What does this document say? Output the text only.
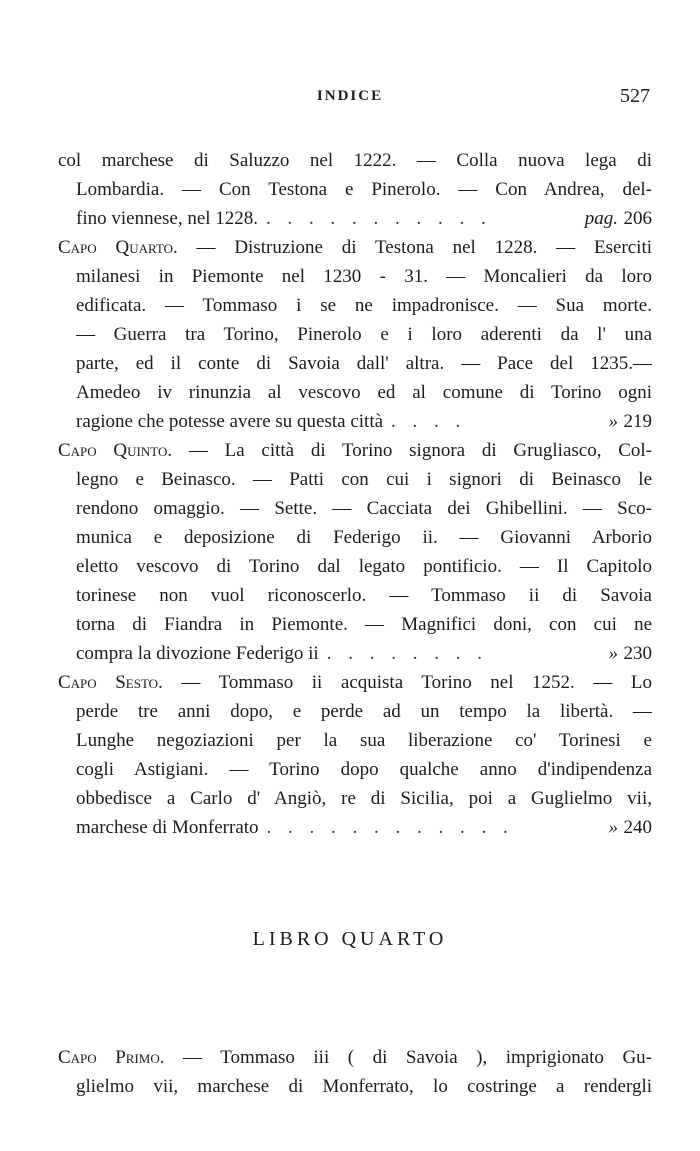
INDICE	527
col marchese di Saluzzo nel 1222. — Colla nuova lega di
Lombardia. — Con Testona e Pinerolo. — Con Andrea, del-
fino viennese, nel 1228. . . . . . . . . . . .	pag. 206
Capo Quarto. — Distruzione di Testona nel 1228. — Eserciti
milanesi in Piemonte nel 1230 - 31. — Moncalieri da loro
edificata. — Tommaso i se ne impadronisce. — Sua morte.
— Guerra tra Torino, Pinerolo e i loro aderenti da l' una
parte, ed il conte di Savoia dall' altra. — Pace del 1235.—
Amedeo iv rinunzia al vescovo ed al comune di Torino ogni
ragione che potesse avere su questa città . . . .	» 219
Capo Quinto. — La città di Torino signora di Grugliasco, Col-
legno e Beinasco. — Patti con cui i signori di Beinasco le
rendono omaggio. — Sette. — Cacciata dei Ghibellini. — Sco-
munica e deposizione di Federigo ii. — Giovanni Arborio
eletto vescovo di Torino dal legato pontificio. — Il Capitolo
torinese non vuol riconoscerlo. — Tommaso ii di Savoia
torna di Fiandra in Piemonte. — Magnifici doni, con cui ne
compra la divozione Federigo ii . . . . . . . .	» 230
Capo Sesto. — Tommaso ii acquista Torino nel 1252. — Lo
perde tre anni dopo, e perde ad un tempo la libertà. —
Lunghe negoziazioni per la sua liberazione co' Torinesi e
cogli Astigiani. — Torino dopo qualche anno d'indipendenza
obbedisce a Carlo d' Angiò, re di Sicilia, poi a Guglielmo vii,
marchese di Monferrato . . . . . . . . . . . .	» 240
LIBRO QUARTO
Capo Primo. — Tommaso iii ( di Savoia ), imprigionato Gu-
glielmo vii, marchese di Monferrato, lo costringe a rendergli
